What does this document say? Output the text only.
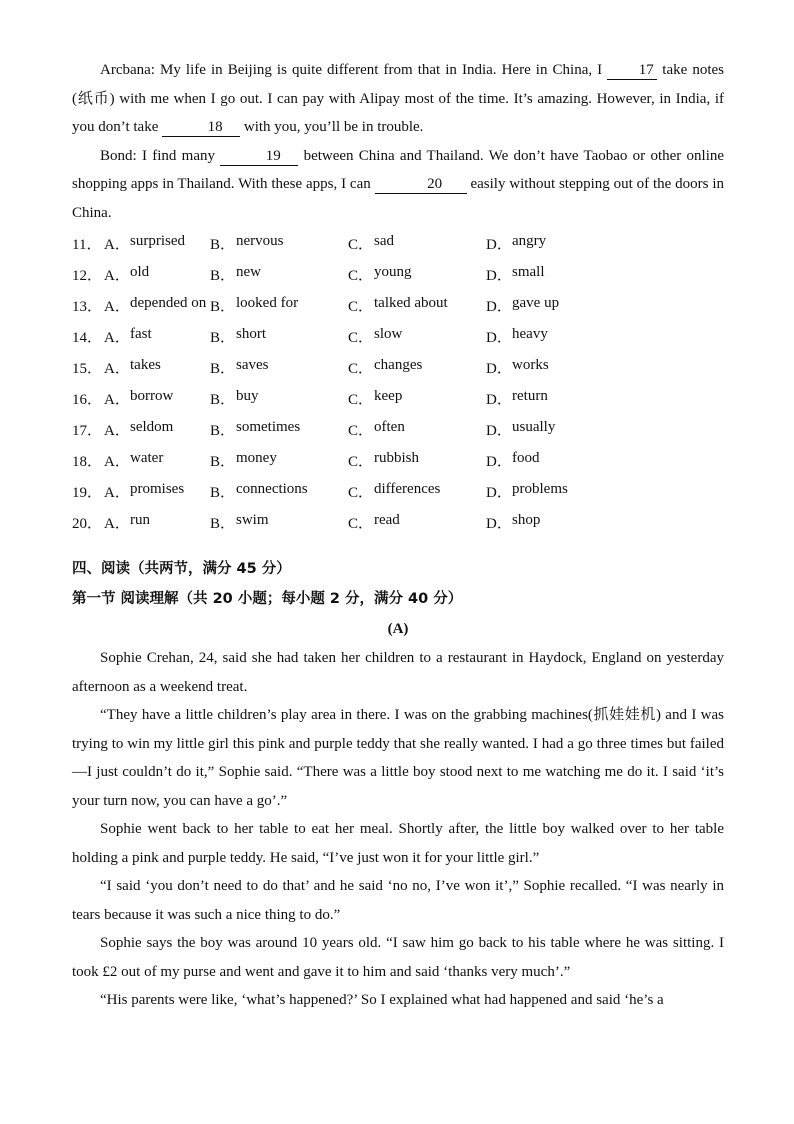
Arcbana: My life in Beijing is quite different from that in India. Here in China, I 17 take notes (纸币) with me when I go out. I can pay with Alipay most of the time. It’s amazing. However, in India, if you don’t take	18 with you, you’ll be in trouble.

Bond: I find many	19 between China and Thailand. We don’t have Taobao or other online shopping apps in Thailand. With these apps, I can	20 easily without stepping out of the doors in China.

11． A． surprised B． nervous	C． sad	D． angry
12． A． old	B． new	C． young	D． small
13． A． depended on B． looked for	C． talked about	D． gave up
14． A． fast	B． short	C． slow	D． heavy
15． A． takes	B． saves	C． changes	D． works
16． A． borrow B． buy	C． keep	D． return
17． A． seldom B． sometimes	C． often	D． usually
18． A． water	B． money	C． rubbish	D． food
19． A． promises B． connections	C． differences	D． problems
20． A． run	B． swim	C． read	D． shop

四、阅读（共两节，满分 45 分）

第一节 阅读理解（共 20 小题；每小题 2 分，满分 40 分）

(A)

Sophie Crehan, 24, said she had taken her children to a restaurant in Haydock, England on yesterday afternoon as a weekend treat.

“They have a little children’s play area in there. I was on the grabbing machines(抓娃娃机) and I was trying to win my little girl this pink and purple teddy that she really wanted. I had a go three times but failed—I just couldn’t do it,” Sophie said. “There was a little boy stood next to me watching me do it. I said ‘it’s your turn now, you can have a go’.”

Sophie went back to her table to eat her meal. Shortly after, the little boy walked over to her table holding a pink and purple teddy. He said, “I’ve just won it for your little girl.”

“I said ‘you don’t need to do that’ and he said ‘no no, I’ve won it’,” Sophie recalled. “I was nearly in tears because it was such a nice thing to do.”

Sophie says the boy was around 10 years old. “I saw him go back to his table where he was sitting. I took £2 out of my purse and went and gave it to him and said ‘thanks very much’.”

“His parents were like, ‘what’s happened?’ So I explained what had happened and said ‘he’s a
